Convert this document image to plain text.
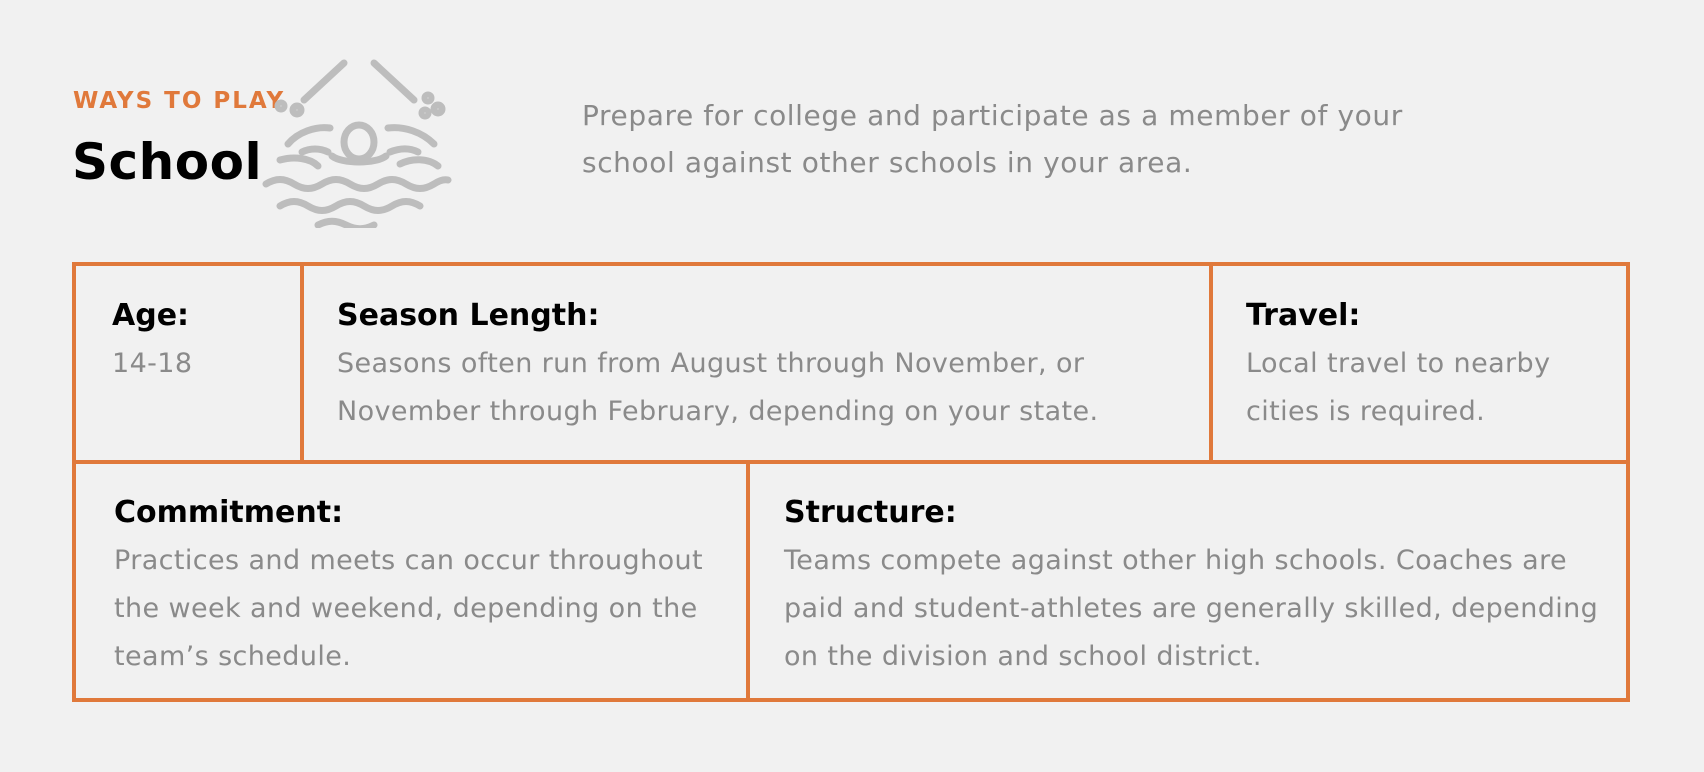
WAYS TO PLAY

School

Prepare for college and participate as a member of your school against other schools in your area.

Age:

14-18

Season Length:

Seasons often run from August through November, or November through February, depending on your state.

Travel:

Local travel to nearby cities is required.

Commitment:

Practices and meets can occur throughout the week and weekend, depending on the team’s schedule.

Structure:

Teams compete against other high schools. Coaches are paid and student-athletes are generally skilled, depending on the division and school district.
